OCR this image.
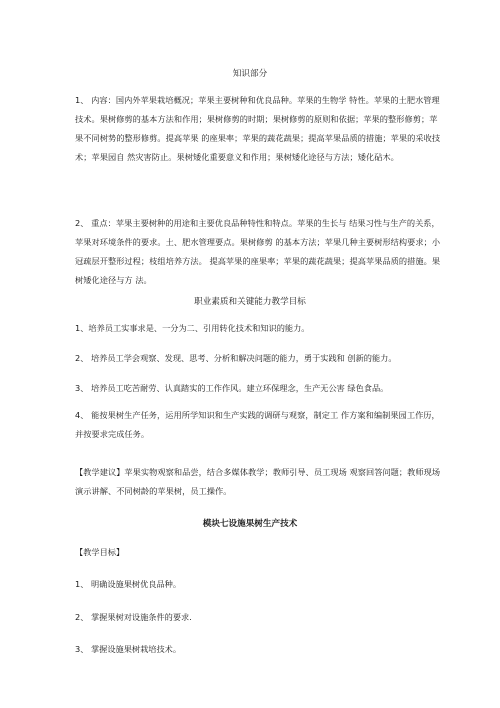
知识部分
1、 内容：国内外苹果栽培概况；苹果主要树种和优良品种。苹果的生物学 特性。苹果的土肥水管理技术。果树修剪的基本方法和作用；果树修剪的时期；果树修剪的原则和依据；苹果的整形修剪；苹果不同树势的整形修剪。提高苹果 的座果率；苹果的蔬花蔬果；提高苹果品质的措施；苹果的采收技术；苹果园自 然灾害防止。果树矮化重要意义和作用；果树矮化途径与方法；矮化砧木。
2、 重点：苹果主要树种的用途和主要优良品种特性和特点。苹果的生长与 结果习性与生产的关系，苹果对环境条件的要求。土、肥水管理要点。果树修剪 的基本方法；苹果几种主要树形结构要求；小冠疏层开整形过程；枝组培养方法。 提高苹果的座果率；苹果的蔬花蔬果；提高苹果品质的措施。果树矮化途径与方 法。
职业素质和关键能力教学目标
1、培养员工实事求是、一分为二、引用转化技术和知识的能力。
2、 培养员工学会观察、发现、思考、分析和解决问题的能力，勇于实践和 创新的能力。
3、 培养员工吃苦耐劳、认真踏实的工作作风。建立环保理念，生产无公害 绿色食品。
4、 能按果树生产任务，运用所学知识和生产实践的调研与观察，制定工 作方案和编制果园工作历，并按要求完成任务。
【教学建议】苹果实物观察和品尝，结合多媒体教学；教师引导、员工现场 观察回答问题；教师现场演示讲解、不同树龄的苹果树，员工操作。
模块七设施果树生产技术
【教学目标】
1、 明确设施果树优良品种。
2、 掌握果树对设施条件的要求.
3、 掌握设施果树栽培技术。
